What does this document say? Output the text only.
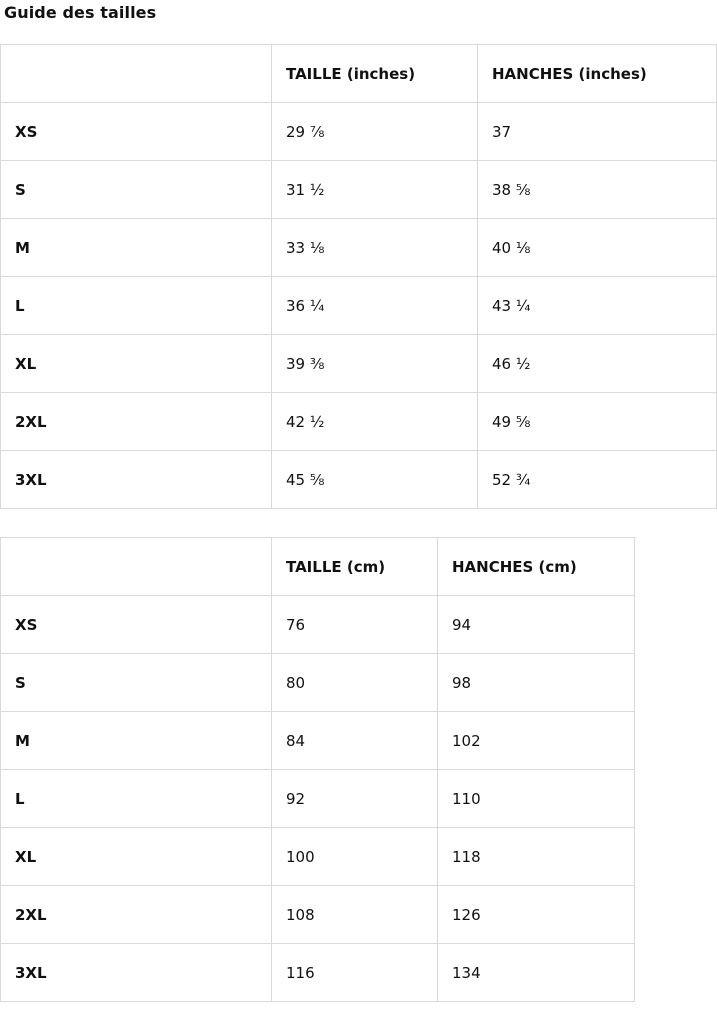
Guide des tailles
	TAILLE (inches)	HANCHES (inches)
XS	29 ⅞	37
S	31 ½	38 ⅝
M	33 ⅛	40 ⅛
L	36 ¼	43 ¼
XL	39 ⅜	46 ½
2XL	42 ½	49 ⅝
3XL	45 ⅝	52 ¾
	TAILLE (cm)	HANCHES (cm)
XS	76	94
S	80	98
M	84	102
L	92	110
XL	100	118
2XL	108	126
3XL	116	134
